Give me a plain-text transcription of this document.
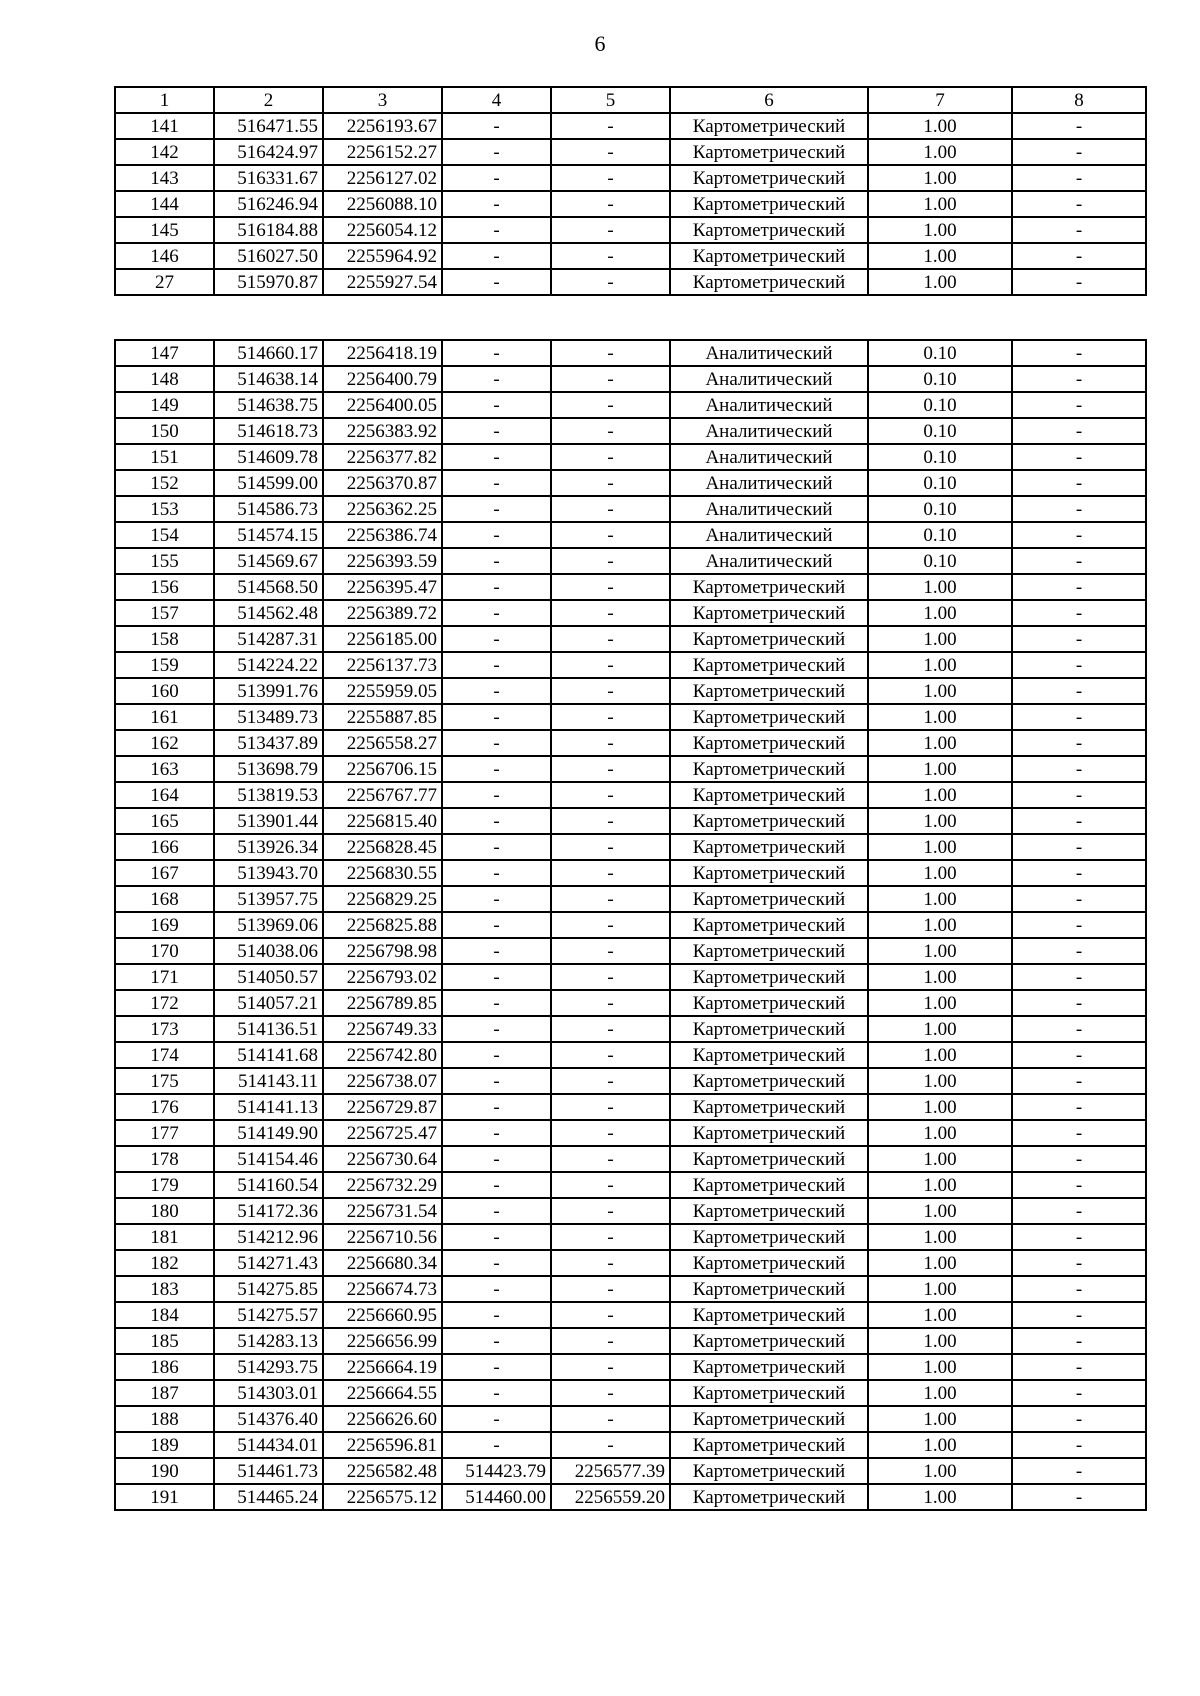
6
1	2	3	4	5	6	7	8
141	516471.55	2256193.67	-	-	Картометрический	1.00	-
142	516424.97	2256152.27	-	-	Картометрический	1.00	-
143	516331.67	2256127.02	-	-	Картометрический	1.00	-
144	516246.94	2256088.10	-	-	Картометрический	1.00	-
145	516184.88	2256054.12	-	-	Картометрический	1.00	-
146	516027.50	2255964.92	-	-	Картометрический	1.00	-
27	515970.87	2255927.54	-	-	Картометрический	1.00	-
147	514660.17	2256418.19	-	-	Аналитический	0.10	-
148	514638.14	2256400.79	-	-	Аналитический	0.10	-
149	514638.75	2256400.05	-	-	Аналитический	0.10	-
150	514618.73	2256383.92	-	-	Аналитический	0.10	-
151	514609.78	2256377.82	-	-	Аналитический	0.10	-
152	514599.00	2256370.87	-	-	Аналитический	0.10	-
153	514586.73	2256362.25	-	-	Аналитический	0.10	-
154	514574.15	2256386.74	-	-	Аналитический	0.10	-
155	514569.67	2256393.59	-	-	Аналитический	0.10	-
156	514568.50	2256395.47	-	-	Картометрический	1.00	-
157	514562.48	2256389.72	-	-	Картометрический	1.00	-
158	514287.31	2256185.00	-	-	Картометрический	1.00	-
159	514224.22	2256137.73	-	-	Картометрический	1.00	-
160	513991.76	2255959.05	-	-	Картометрический	1.00	-
161	513489.73	2255887.85	-	-	Картометрический	1.00	-
162	513437.89	2256558.27	-	-	Картометрический	1.00	-
163	513698.79	2256706.15	-	-	Картометрический	1.00	-
164	513819.53	2256767.77	-	-	Картометрический	1.00	-
165	513901.44	2256815.40	-	-	Картометрический	1.00	-
166	513926.34	2256828.45	-	-	Картометрический	1.00	-
167	513943.70	2256830.55	-	-	Картометрический	1.00	-
168	513957.75	2256829.25	-	-	Картометрический	1.00	-
169	513969.06	2256825.88	-	-	Картометрический	1.00	-
170	514038.06	2256798.98	-	-	Картометрический	1.00	-
171	514050.57	2256793.02	-	-	Картометрический	1.00	-
172	514057.21	2256789.85	-	-	Картометрический	1.00	-
173	514136.51	2256749.33	-	-	Картометрический	1.00	-
174	514141.68	2256742.80	-	-	Картометрический	1.00	-
175	514143.11	2256738.07	-	-	Картометрический	1.00	-
176	514141.13	2256729.87	-	-	Картометрический	1.00	-
177	514149.90	2256725.47	-	-	Картометрический	1.00	-
178	514154.46	2256730.64	-	-	Картометрический	1.00	-
179	514160.54	2256732.29	-	-	Картометрический	1.00	-
180	514172.36	2256731.54	-	-	Картометрический	1.00	-
181	514212.96	2256710.56	-	-	Картометрический	1.00	-
182	514271.43	2256680.34	-	-	Картометрический	1.00	-
183	514275.85	2256674.73	-	-	Картометрический	1.00	-
184	514275.57	2256660.95	-	-	Картометрический	1.00	-
185	514283.13	2256656.99	-	-	Картометрический	1.00	-
186	514293.75	2256664.19	-	-	Картометрический	1.00	-
187	514303.01	2256664.55	-	-	Картометрический	1.00	-
188	514376.40	2256626.60	-	-	Картометрический	1.00	-
189	514434.01	2256596.81	-	-	Картометрический	1.00	-
190	514461.73	2256582.48	514423.79	2256577.39	Картометрический	1.00	-
191	514465.24	2256575.12	514460.00	2256559.20	Картометрический	1.00	-
